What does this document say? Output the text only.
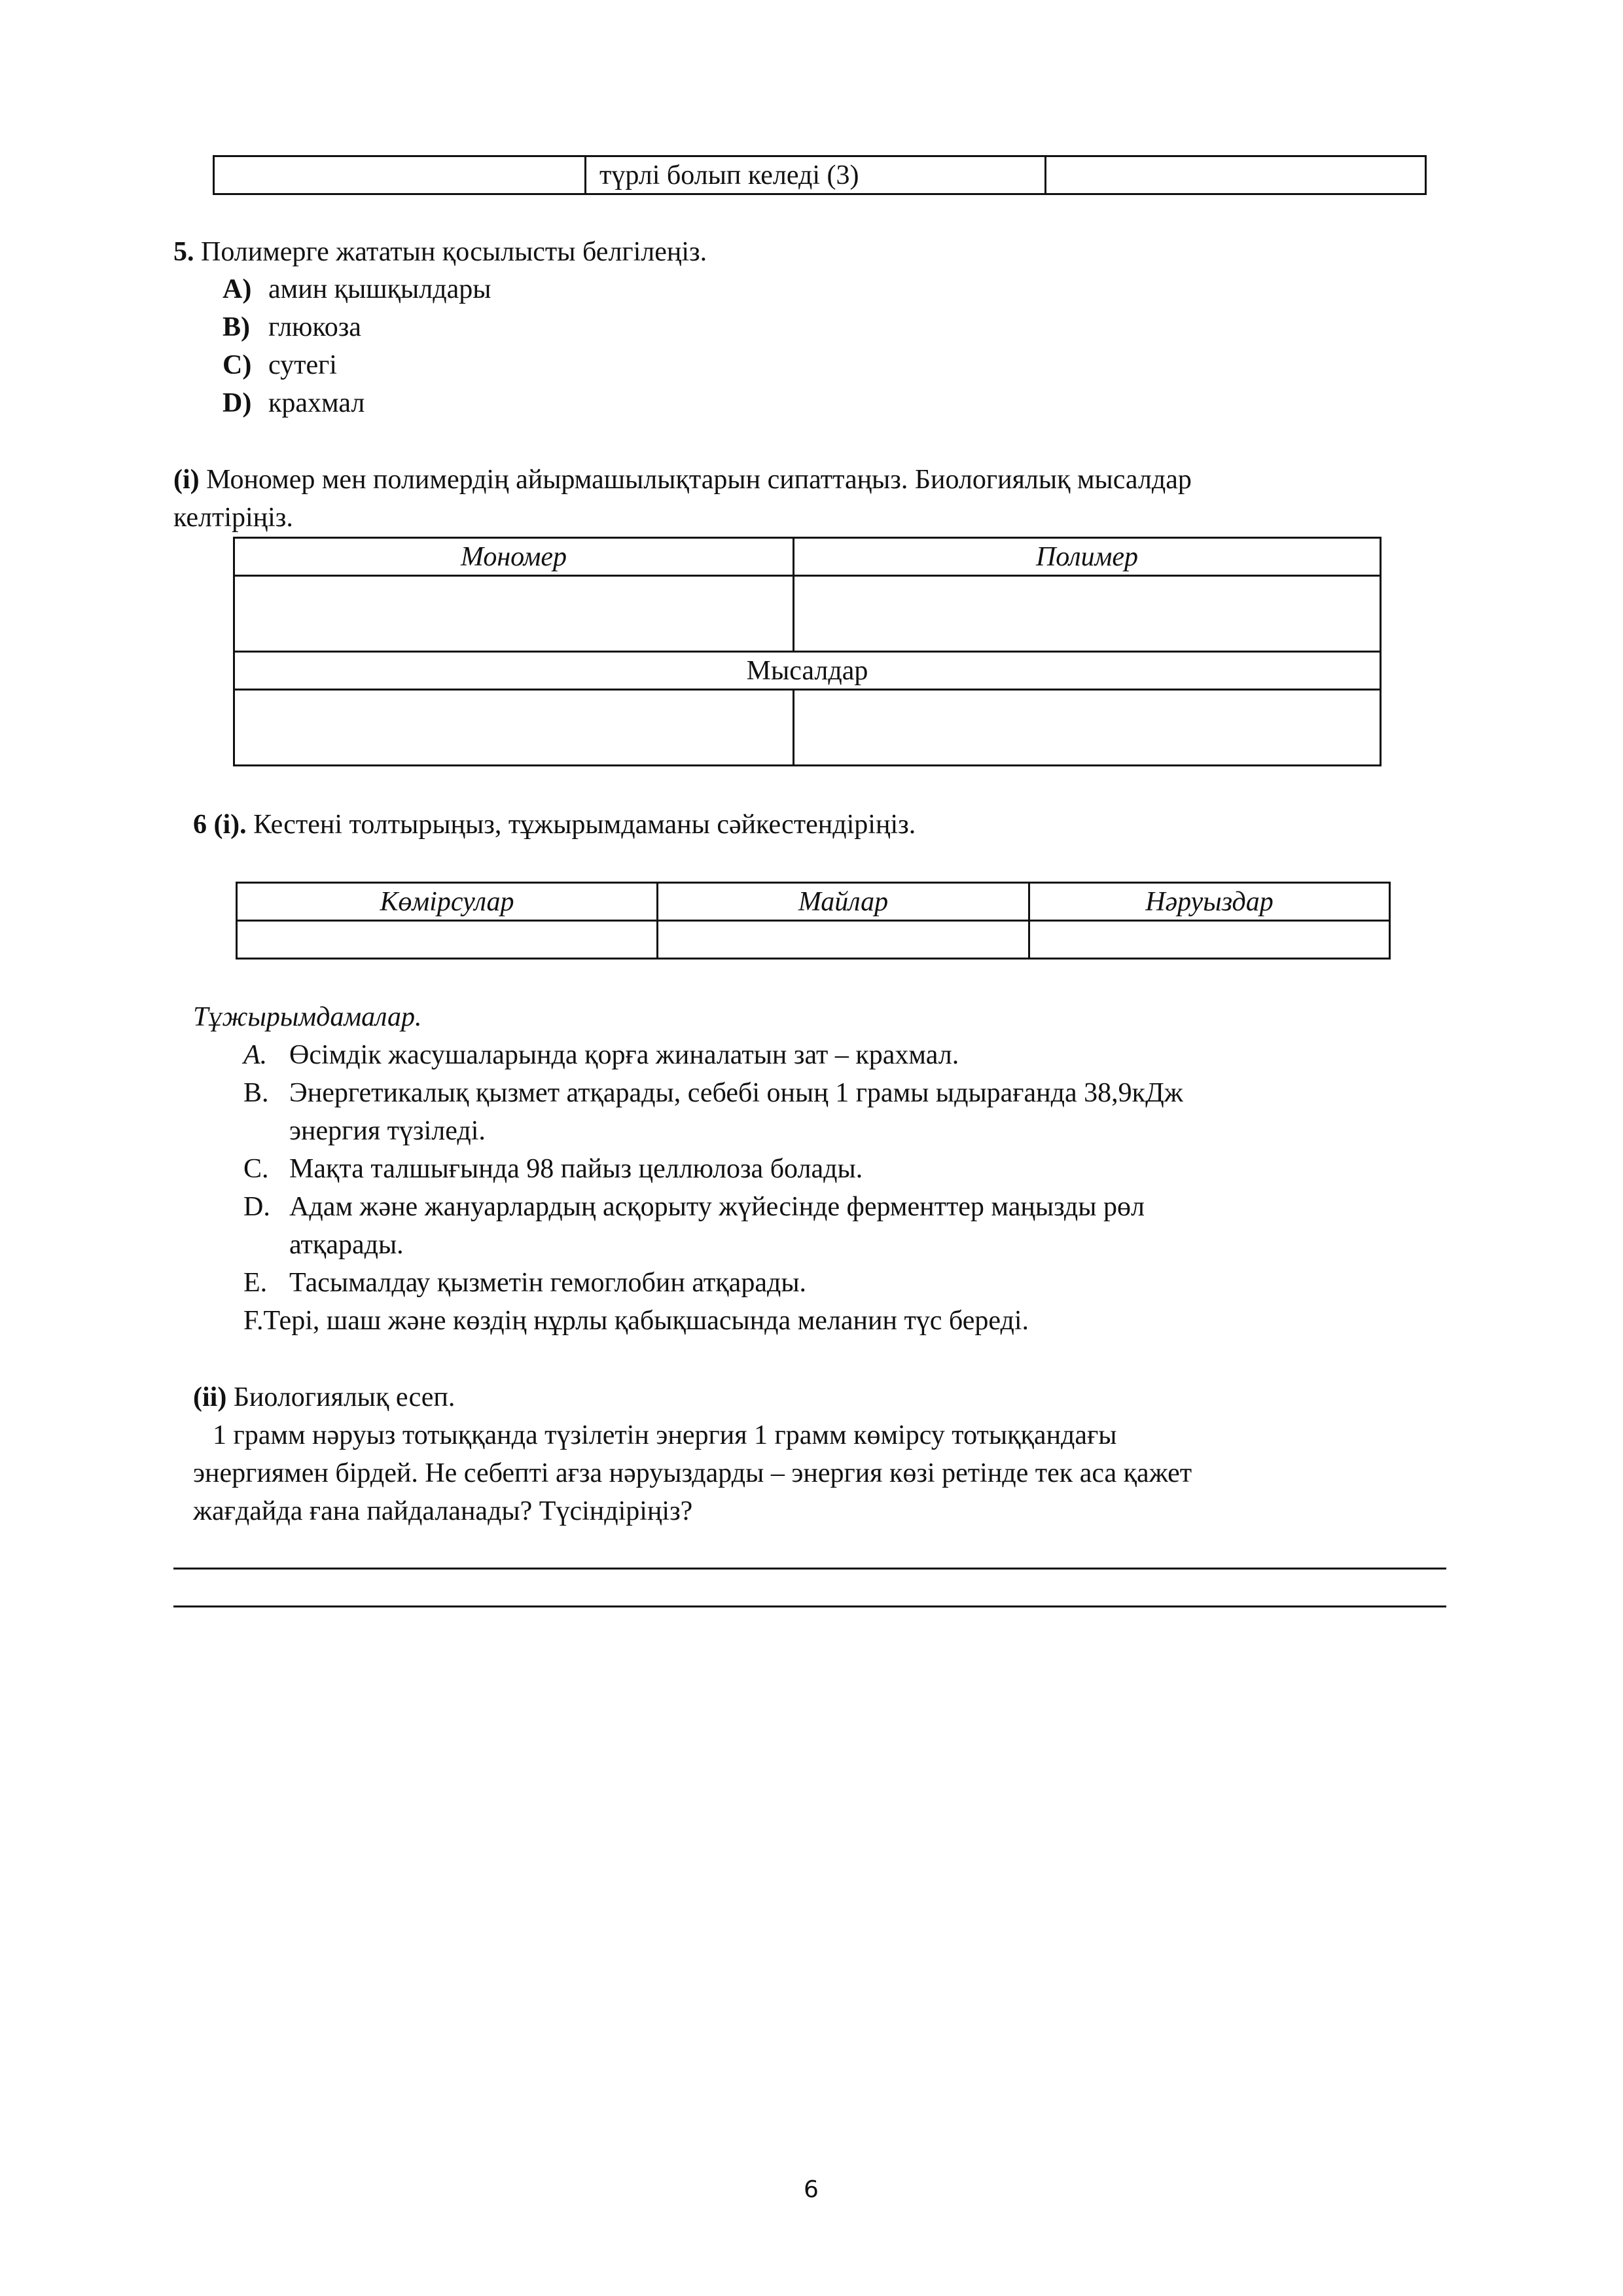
	түрлі болып келеді (3)	
5. Полимерге жататын қосылысты белгілеңіз.
A) амин қышқылдары
B) глюкоза
C) сутегі
D) крахмал
(i) Мономер мен полимердің айырмашылықтарын сипаттаңыз. Биологиялық мысалдар
келтіріңіз.
Мономер	Полимер

Мысалдар	

6 (i). Кестені толтырыңыз, тұжырымдаманы сәйкестендіріңіз.
Көмірсулар	Майлар	Нәруыздар

Тұжырымдамалар.
A. Өсімдік жасушаларында қорға жиналатын зат – крахмал.
B. Энергетикалық қызмет атқарады, себебі оның 1 грамы ыдырағанда 38,9кДж
энергия түзіледі.
C. Мақта талшығында 98 пайыз целлюлоза болады.
D. Адам және жануарлардың асқорыту жүйесінде ферменттер маңызды рөл
атқарады.
E. Тасымалдау қызметін гемоглобин атқарады.
F.Тері, шаш және көздің нұрлы қабықшасында меланин түс береді.
(ii) Биологиялық есеп.
1 грамм нәруыз тотыққанда түзілетін энергия 1 грамм көмірсу тотыққандағы
энергиямен бірдей. Не себепті ағза нәруыздарды – энергия көзі ретінде тек аса қажет
жағдайда ғана пайдаланады? Түсіндіріңіз?
6
